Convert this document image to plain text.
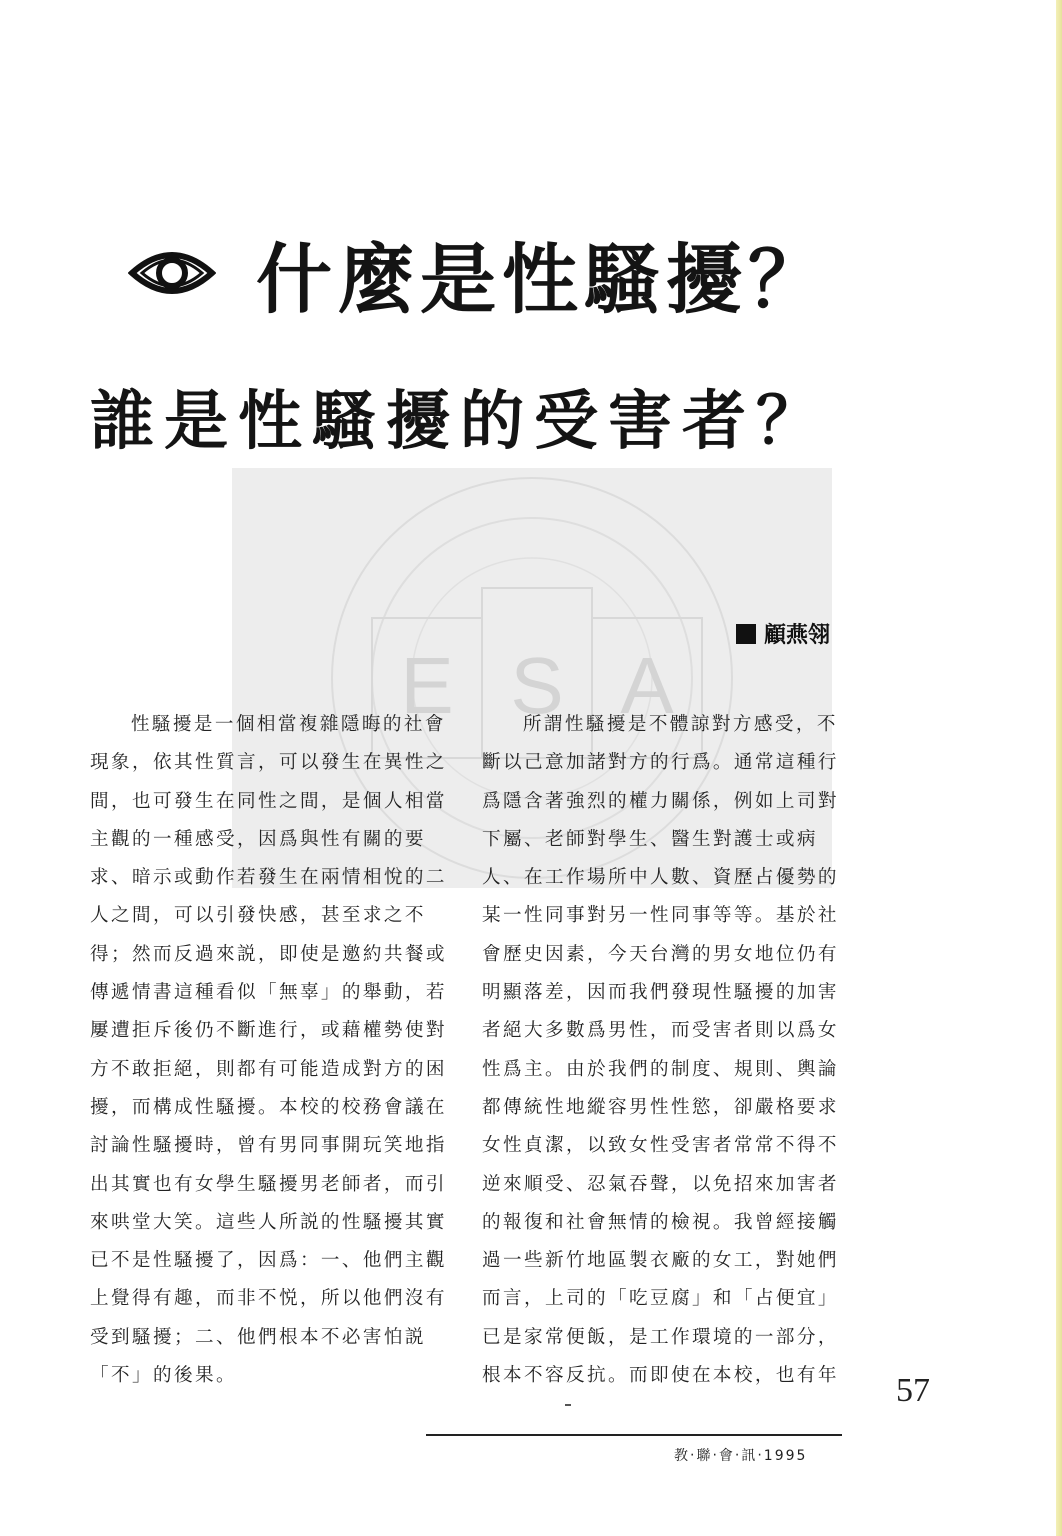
E S A
什麼是性騷擾？
誰是性騷擾的受害者？
顧燕翎

性騷擾是一個相當複雜隱晦的社會現象，依其性質言，可以發生在異性之間，也可發生在同性之間，是個人相當主觀的一種感受，因爲與性有關的要求、暗示或動作若發生在兩情相悅的二人之間，可以引發快感，甚至求之不得；然而反過來説，即使是邀約共餐或傳遞情書這種看似「無辜」的舉動，若屢遭拒斥後仍不斷進行，或藉權勢使對方不敢拒絕，則都有可能造成對方的困擾，而構成性騷擾。本校的校務會議在討論性騷擾時，曾有男同事開玩笑地指出其實也有女學生騷擾男老師者，而引來哄堂大笑。這些人所説的性騷擾其實已不是性騷擾了，因爲：一、他們主觀上覺得有趣，而非不悦，所以他們沒有受到騷擾；二、他們根本不必害怕説「不」的後果。

所謂性騷擾是不體諒對方感受，不斷以己意加諸對方的行爲。通常這種行爲隱含著強烈的權力關係，例如上司對下屬、老師對學生、醫生對護士或病人、在工作場所中人數、資歷占優勢的某一性同事對另一性同事等等。基於社會歷史因素，今天台灣的男女地位仍有明顯落差，因而我們發現性騷擾的加害者絕大多數爲男性，而受害者則以爲女性爲主。由於我們的制度、規則、輿論都傳統性地縱容男性性慾，卻嚴格要求女性貞潔，以致女性受害者常常不得不逆來順受、忍氣吞聲，以免招來加害者的報復和社會無情的檢視。我曾經接觸過一些新竹地區製衣廠的女工，對她們而言，上司的「吃豆腐」和「占便宜」已是家常便飯，是工作環境的一部分，根本不容反抗。而即使在本校，也有年	57
教‧聯‧會‧訊‧1995
